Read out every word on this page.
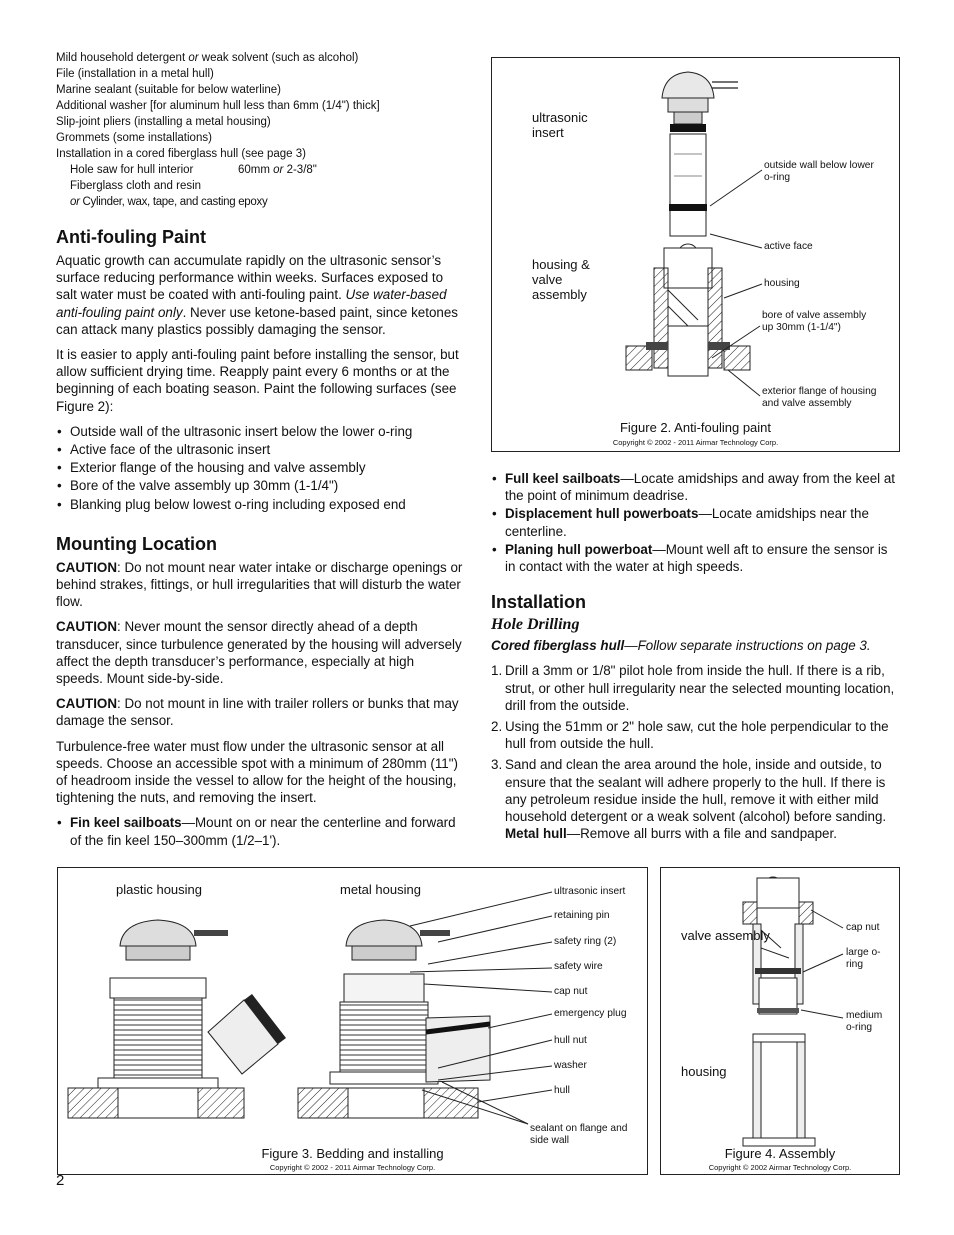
Mild household detergent or weak solvent (such as alcohol)
File (installation in a metal hull)
Marine sealant (suitable for below waterline)
Additional washer [for aluminum hull less than 6mm (1/4") thick]
Slip-joint pliers (installing a metal housing)
Grommets (some installations)
Installation in a cored fiberglass hull (see page 3)
Hole saw for hull interior	60mm or 2-3/8"
Fiberglass cloth and resin
or Cylinder, wax, tape, and casting epoxy
Anti-fouling Paint

Aquatic growth can accumulate rapidly on the ultrasonic sensor’s surface reducing performance within weeks. Surfaces exposed to salt water must be coated with anti-fouling paint. Use water-based anti-fouling paint only. Never use ketone-based paint, since ketones can attack many plastics possibly damaging the sensor.

It is easier to apply anti-fouling paint before installing the sensor, but allow sufficient drying time. Reapply paint every 6 months or at the beginning of each boating season. Paint the following surfaces (see Figure 2):

• Outside wall of the ultrasonic insert below the lower o-ring
• Active face of the ultrasonic insert
• Exterior flange of the housing and valve assembly
• Bore of the valve assembly up 30mm (1-1/4")
• Blanking plug below lowest o-ring including exposed end
Mounting Location

CAUTION: Do not mount near water intake or discharge openings or behind strakes, fittings, or hull irregularities that will disturb the water flow.

CAUTION: Never mount the sensor directly ahead of a depth transducer, since turbulence generated by the housing will adversely affect the depth transducer’s performance, especially at high speeds. Mount side-by-side.

CAUTION: Do not mount in line with trailer rollers or bunks that may damage the sensor.

Turbulence-free water must flow under the ultrasonic sensor at all speeds. Choose an accessible spot with a minimum of 280mm (11") of headroom inside the vessel to allow for the height of the housing, tightening the nuts, and removing the insert.

• Fin keel sailboats—Mount on or near the centerline and forward of the fin keel 150–300mm (1/2–1').
ultrasonic insert
housing & valve assembly
outside wall below lower o-ring
active face
housing
bore of valve assembly up 30mm (1-1/4")
exterior flange of housing and valve assembly
Figure 2. Anti-fouling paint
Copyright © 2002 - 2011 Airmar Technology Corp.
• Full keel sailboats—Locate amidships and away from the keel at the point of minimum deadrise.
• Displacement hull powerboats—Locate amidships near the centerline.
• Planing hull powerboat—Mount well aft to ensure the sensor is in contact with the water at high speeds.
Installation
Hole Drilling

Cored fiberglass hull—Follow separate instructions on page 3.

1. Drill a 3mm or 1/8" pilot hole from inside the hull. If there is a rib, strut, or other hull irregularity near the selected mounting location, drill from the outside.
2. Using the 51mm or 2" hole saw, cut the hole perpendicular to the hull from outside the hull.
3. Sand and clean the area around the hole, inside and outside, to ensure that the sealant will adhere properly to the hull. If there is any petroleum residue inside the hull, remove it with either mild household detergent or a weak solvent (alcohol) before sanding. Metal hull—Remove all burrs with a file and sandpaper.
plastic housing	metal housing	ultrasonic insert
retaining pin
safety ring (2)
safety wire
cap nut
emergency plug
hull nut
washer
hull
sealant on flange and side wall
Figure 3. Bedding and installing
Copyright © 2002 - 2011 Airmar Technology Corp.
valve assembly
housing
cap nut
large o-ring
medium o-ring
Figure 4. Assembly
Copyright © 2002 Airmar Technology Corp.
2
